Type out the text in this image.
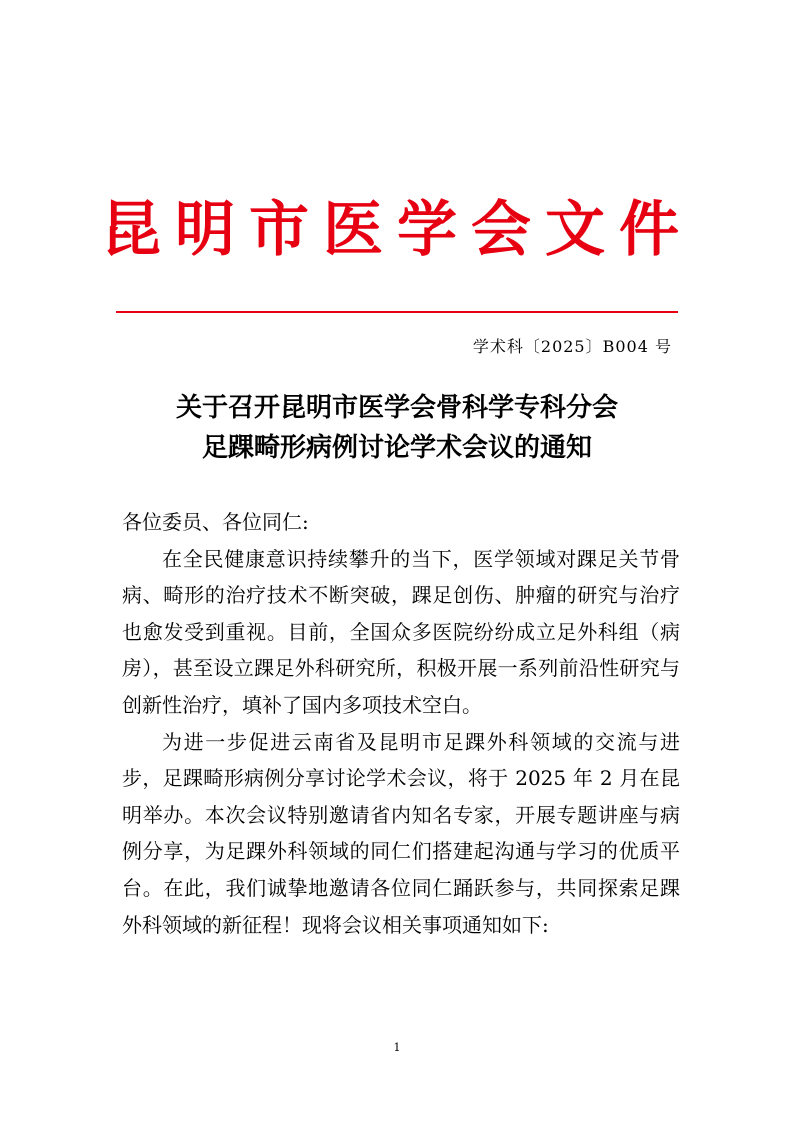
昆明市医学会文件
学术科〔2025〕B004 号
关于召开昆明市医学会骨科学专科分会
足踝畸形病例讨论学术会议的通知

各位委员、各位同仁:

在全民健康意识持续攀升的当下，医学领域对踝足关节骨病、畸形的治疗技术不断突破，踝足创伤、肿瘤的研究与治疗也愈发受到重视。目前，全国众多医院纷纷成立足外科组（病房），甚至设立踝足外科研究所，积极开展一系列前沿性研究与创新性治疗，填补了国内多项技术空白。

为进一步促进云南省及昆明市足踝外科领域的交流与进步，足踝畸形病例分享讨论学术会议，将于 2025 年 2 月在昆明举办。本次会议特别邀请省内知名专家，开展专题讲座与病例分享，为足踝外科领域的同仁们搭建起沟通与学习的优质平台。在此，我们诚挚地邀请各位同仁踊跃参与，共同探索足踝外科领域的新征程！现将会议相关事项通知如下:

1
